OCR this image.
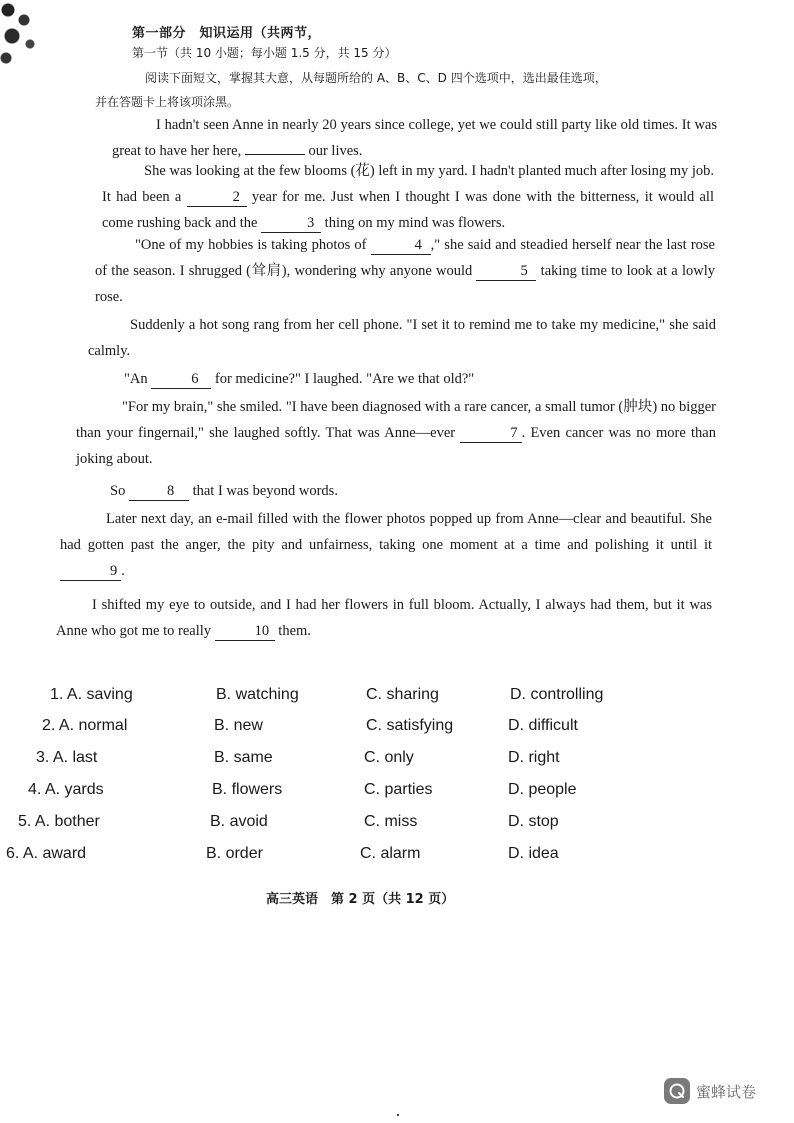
第一部分　知识运用（共两节，
第一节（共 10 小题；每小题 1.5 分，共 15 分）
阅读下面短文，掌握其大意，从每题所给的 A、B、C、D 四个选项中，选出最佳选项，
并在答题卡上将该项涂黑。
I hadn't seen Anne in nearly 20 years since college, yet we could still party like old times. It was great to have her here,	our lives.
She was looking at the few blooms (花) left in my yard. I hadn't planted much after losing my job. It had been a	2 year for me. Just when I thought I was done with the bitterness, it would all come rushing back and the	3 thing on my mind was flowers.
"One of my hobbies is taking photos of	4 ," she said and steadied herself near the last rose of the season. I shrugged (耸肩), wondering why anyone would	5 taking time to look at a lowly rose.
Suddenly a hot song rang from her cell phone. "I set it to remind me to take my medicine," she said calmly.
"An	6 for medicine?" I laughed. "Are we that old?"
"For my brain," she smiled. "I have been diagnosed with a rare cancer, a small tumor (肿块) no bigger than your fingernail," she laughed softly. That was Anne—ever	7 . Even cancer was no more than joking about.
So	8 that I was beyond words.
Later next day, an e-mail filled with the flower photos popped up from Anne—clear and beautiful. She had gotten past the anger, the pity and unfairness, taking one moment at a time and polishing it until it 9 .
I shifted my eye to outside, and I had her flowers in full bloom. Actually, I always had them, but it was Anne who got me to really	10 them.
1. A. saving	B. watching	C. sharing	D. controlling
2. A. normal	B. new	C. satisfying	D. difficult
3. A. last	B. same	C. only	D. right
4. A. yards	B. flowers	C. parties	D. people
5. A. bother	B. avoid	C. miss	D. stop
6. A. award	B. order	C. alarm	D. idea
高三英语　第 2 页（共 12 页）
蜜蜂试卷
